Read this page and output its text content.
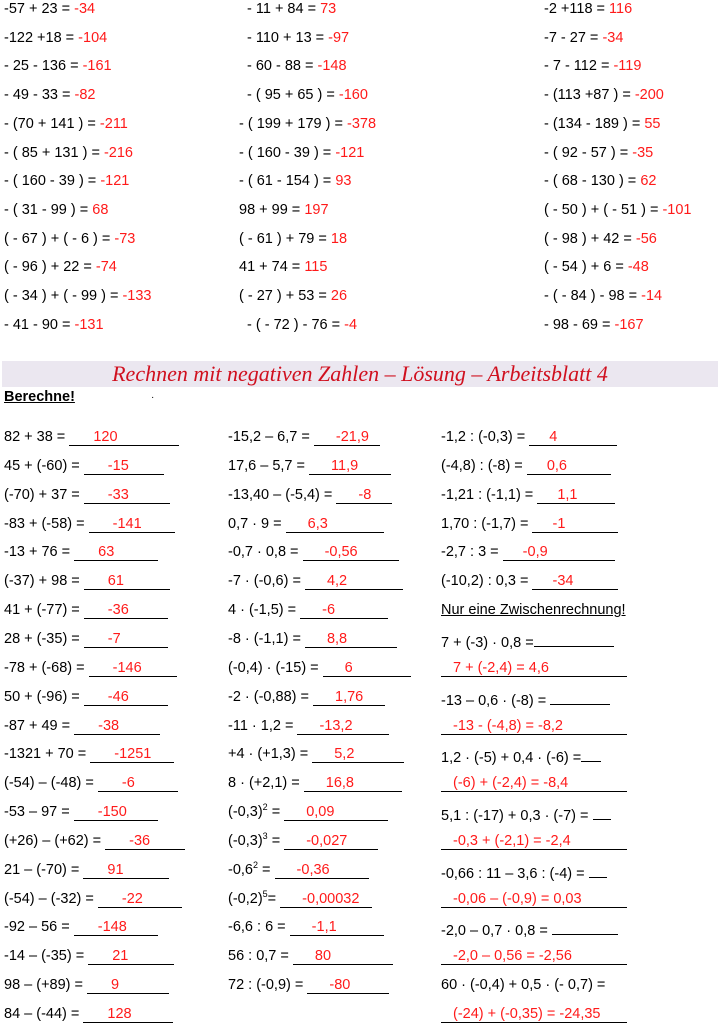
-57 + 23 = -34
-122 +18 = -104
- 25 - 136 = -161
- 49 - 33 = -82
- (70 + 141 ) = -211
- ( 85 + 131 ) = -216
- ( 160 - 39 ) = -121
- ( 31 - 99 ) = 68
( - 67 ) + ( - 6 ) = -73
( - 96 ) + 22 = -74
( - 34 ) + ( - 99 ) = -133
- 41 - 90 = -131
- 11 + 84 = 73
- 110 + 13 = -97
- 60 - 88 = -148
- ( 95 + 65 ) = -160
- ( 199 + 179 ) = -378
- ( 160 - 39 ) = -121
- ( 61 - 154 ) = 93
98 + 99 = 197
( - 61 ) + 79 = 18
41 + 74 = 115
( - 27 ) + 53 = 26
- ( - 72 ) - 76 = -4
-2 +118 = 116
-7 - 27 = -34
- 7 - 112 = -119
- (113 +87 ) = -200
- (134 - 189 ) = 55
- ( 92 - 57 ) = -35
- ( 68 - 130 ) = 62
( - 50 ) + ( - 51 ) = -101
( - 98 ) + 42 = -56
( - 54 ) + 6 = -48
- ( - 84 ) - 98 = -14
- 98 - 69 = -167
Rechnen mit negativen Zahlen – Lösung – Arbeitsblatt 4
Berechne!	·
82 + 38 = 120
45 + (-60) = -15
(-70) + 37 = -33
-83 + (-58) = -141
-13 + 76 = 63
(-37) + 98 = 61
41 + (-77) = -36
28 + (-35) = -7
-78 + (-68) = -146
50 + (-96) = -46
-87 + 49 = -38
-1321 + 70 = -1251
(-54) – (-48) = -6
-53 – 97 = -150
(+26) – (+62) = -36
21 – (-70) = 91
(-54) – (-32) = -22
-92 – 56 = -148
-14 – (-35) = 21
98 – (+89) = 9
84 – (-44) = 128
-15,2 – 6,7 = -21,9
17,6 – 5,7 = 11,9
-13,40 – (-5,4) = -8
0,7 · 9 = 6,3
-0,7 · 0,8 = -0,56
-7 · (-0,6) = 4,2
4 · (-1,5) = -6
-8 · (-1,1) = 8,8
(-0,4) · (-15) = 6
-2 · (-0,88) = 1,76
-11 · 1,2 = -13,2
+4 · (+1,3) = 5,2
8 · (+2,1) = 16,8
$(-0,3)^2 = 0,09$
$(-0,3)^3 = -0,027$
$-0,6^2 = -0,36$
$(-0,2)^5= -0,00032$
-6,6 : 6 = -1,1
56 : 0,7 = 80
72 : (-0,9) = -80
-1,2 : (-0,3) = 4
(-4,8) : (-8) = 0,6
-1,21 : (-1,1) = 1,1
1,70 : (-1,7) = -1
-2,7 : 3 = -0,9
(-10,2) : 0,3 = -34
Nur eine Zwischenrechnung!
7 + (-3) · 0,8 =
7 + (-2,4) = 4,6
-13 – 0,6 · (-8) =
-13 - (-4,8) = -8,2
1,2 · (-5) + 0,4 · (-6) =
(-6) + (-2,4) = -8,4
5,1 : (-17) + 0,3 · (-7) =
-0,3 + (-2,1) = -2,4
-0,66 : 11 – 3,6 : (-4) =
-0,06 – (-0,9) = 0,03
-2,0 – 0,7 · 0,8 =
-2,0 – 0,56 = -2,56
60 · (-0,4) + 0,5 · (- 0,7) =
(-24) + (-0,35) = -24,35
